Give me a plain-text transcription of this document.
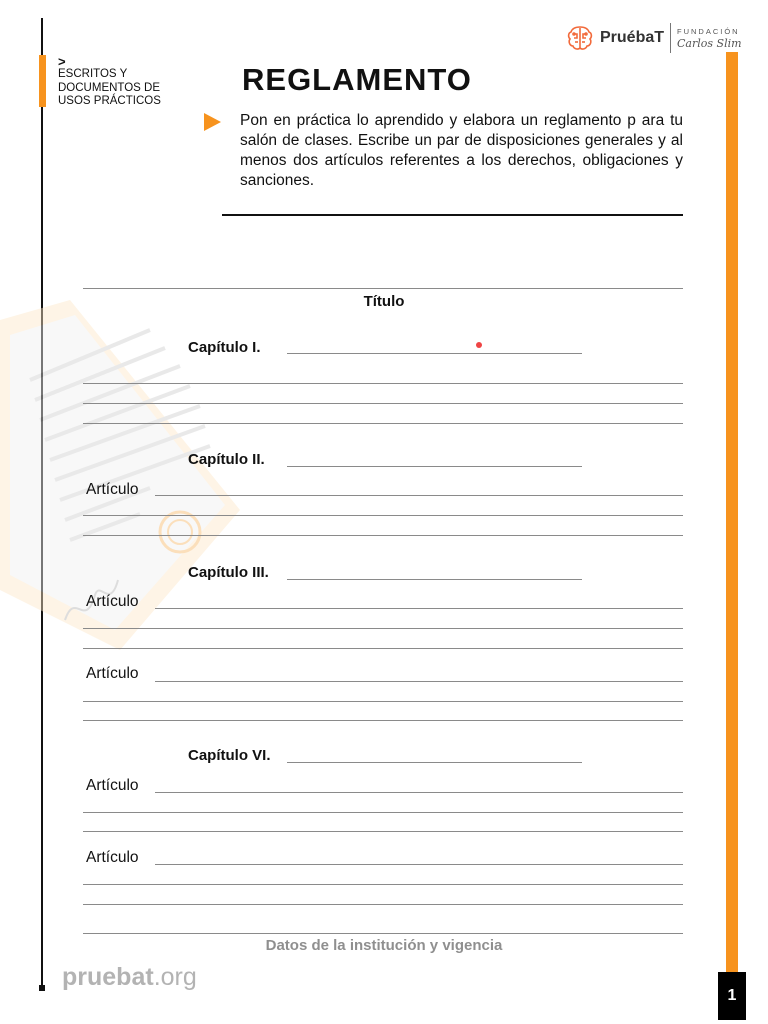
1
>
ESCRITOS Y
DOCUMENTOS DE
USOS PRÁCTICOS
PruébaT FUNDACIÓN
Carlos Slim
REGLAMENTO
Pon en práctica lo aprendido y elabora un reglamento p ara tu salón de clases. Escribe un par de disposiciones generales y al menos dos artículos referentes a los derechos, obligaciones y sanciones.
Título
Capítulo I.
Capítulo II.
Artículo
Capítulo III.
Artículo
Artículo
Capítulo VI.
Artículo
Artículo
Datos de la institución y vigencia
pruebat.org
